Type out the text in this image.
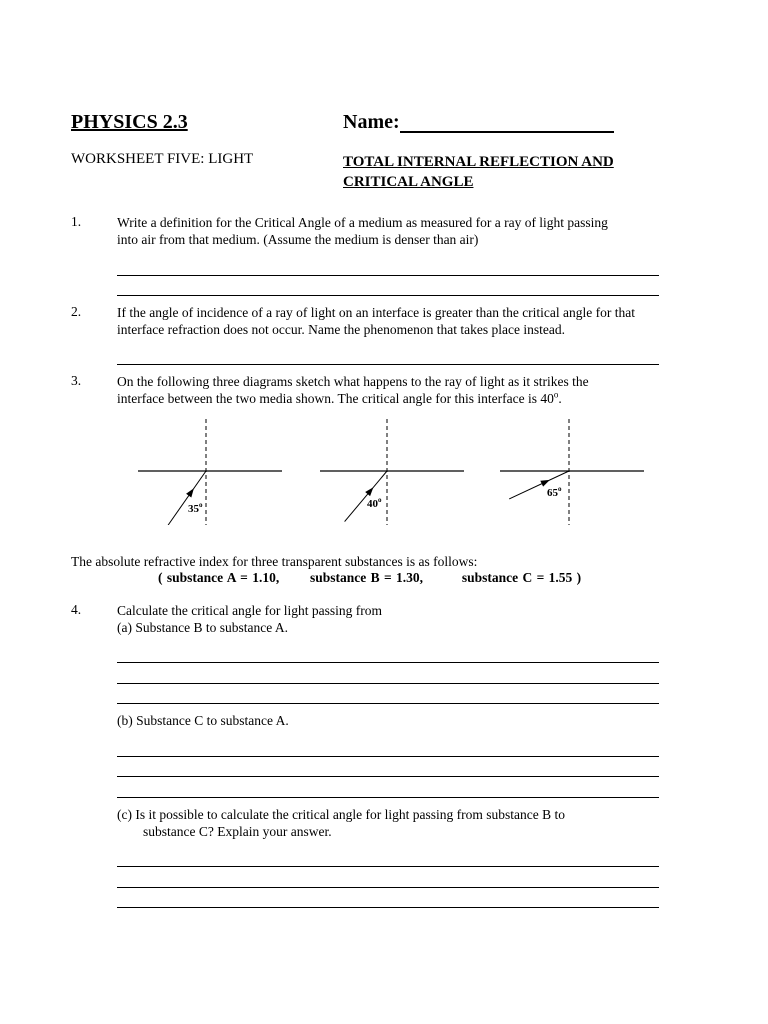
PHYSICS 2.3	Name:
WORKSHEET FIVE: LIGHT	TOTAL INTERNAL REFLECTION AND
CRITICAL ANGLE
1.	Write a definition for the Critical Angle of a medium as measured for a ray of light passing
into air from that medium. (Assume the medium is denser than air)
2.	If the angle of incidence of a ray of light on an interface is greater than the critical angle for that
interface refraction does not occur. Name the phenomenon that takes place instead.
3.	On the following three diagrams sketch what happens to the ray of light as it strikes the
interface between the two media shown. The critical angle for this interface is 40$^o$.
35$^o$	40$^o$
65$^o$
The absolute refractive index for three transparent substances is as follows:
( substance A = 1.10, substance B = 1.30,	substance C = 1.55 )
4.	Calculate the critical angle for light passing from
(a) Substance B to substance A.
(b) Substance C to substance A.
(c) Is it possible to calculate the critical angle for light passing from substance B to
substance C? Explain your answer.
